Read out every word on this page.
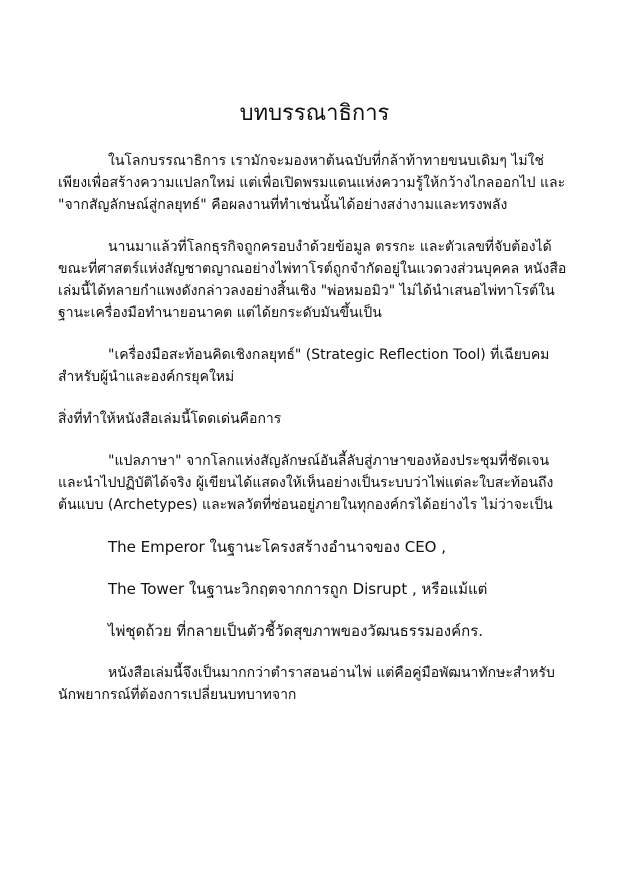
บทบรรณาธิการ

ในโลกบรรณาธิการ เรามักจะมองหาต้นฉบับที่กล้าท้าทายขนบเดิมๆ ไม่ใช่เพียงเพื่อสร้างความแปลกใหม่ แต่เพื่อเปิดพรมแดนแห่งความรู้ให้กว้างไกลออกไป และ "จากสัญลักษณ์สู่กลยุทธ์" คือผลงานที่ทำเช่นนั้นได้อย่างสง่างามและทรงพลัง

นานมาแล้วที่โลกธุรกิจถูกครอบงำด้วยข้อมูล ตรรกะ และตัวเลขที่จับต้องได้ ขณะที่ศาสตร์แห่งสัญชาตญาณอย่างไพ่ทาโรต์ถูกจำกัดอยู่ในแวดวงส่วนบุคคล หนังสือเล่มนี้ได้ทลายกำแพงดังกล่าวลงอย่างสิ้นเชิง "พ่อหมอมิว" ไม่ได้นำเสนอไพ่ทาโรต์ในฐานะเครื่องมือทำนายอนาคต แต่ได้ยกระดับมันขึ้นเป็น

"เครื่องมือสะท้อนคิดเชิงกลยุทธ์" (Strategic Reflection Tool) ที่เฉียบคมสำหรับผู้นำและองค์กรยุคใหม่

สิ่งที่ทำให้หนังสือเล่มนี้โดดเด่นคือการ

"แปลภาษา" จากโลกแห่งสัญลักษณ์อันลี้ลับสู่ภาษาของห้องประชุมที่ชัดเจนและนำไปปฏิบัติได้จริง ผู้เขียนได้แสดงให้เห็นอย่างเป็นระบบว่าไพ่แต่ละใบสะท้อนถึงต้นแบบ (Archetypes) และพลวัตที่ซ่อนอยู่ภายในทุกองค์กรได้อย่างไร ไม่ว่าจะเป็น

The Emperor ในฐานะโครงสร้างอำนาจของ CEO ,

The Tower ในฐานะวิกฤตจากการถูก Disrupt , หรือแม้แต่

ไพ่ชุดถ้วย ที่กลายเป็นตัวชี้วัดสุขภาพของวัฒนธรรมองค์กร.

หนังสือเล่มนี้จึงเป็นมากกว่าตำราสอนอ่านไพ่ แต่คือคู่มือพัฒนาทักษะสำหรับนักพยากรณ์ที่ต้องการเปลี่ยนบทบาทจาก
